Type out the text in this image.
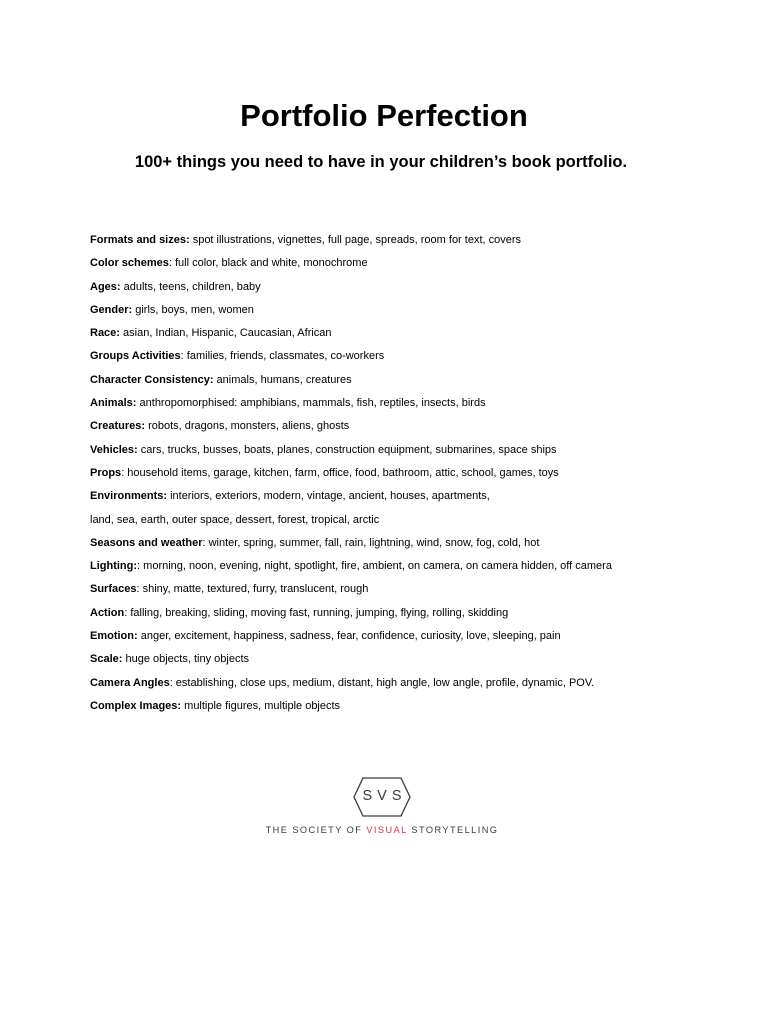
Portfolio Perfection
100+ things you need to have in your children’s book portfolio.
Formats and sizes: spot illustrations, vignettes, full page, spreads, room for text, covers
Color schemes: full color, black and white, monochrome
Ages: adults, teens, children, baby
Gender: girls, boys, men, women
Race: asian, Indian, Hispanic, Caucasian, African
Groups Activities: families, friends, classmates, co-workers
Character Consistency: animals, humans, creatures
Animals: anthropomorphised: amphibians, mammals, fish, reptiles, insects, birds
Creatures: robots, dragons, monsters, aliens, ghosts
Vehicles: cars, trucks, busses, boats, planes, construction equipment, submarines, space ships
Props: household items, garage, kitchen, farm, office, food, bathroom, attic, school, games, toys
Environments: interiors, exteriors, modern, vintage, ancient, houses, apartments,
land, sea, earth, outer space, dessert, forest, tropical, arctic
Seasons and weather: winter, spring, summer, fall, rain, lightning, wind, snow, fog, cold, hot
Lighting:: morning, noon, evening, night, spotlight, fire, ambient, on camera, on camera hidden, off camera
Surfaces: shiny, matte, textured, furry, translucent, rough
Action: falling, breaking, sliding, moving fast, running, jumping, flying, rolling, skidding
Emotion: anger, excitement, happiness, sadness, fear, confidence, curiosity, love, sleeping, pain
Scale: huge objects, tiny objects
Camera Angles: establishing, close ups, medium, distant, high angle, low angle, profile, dynamic, POV.
Complex Images: multiple figures, multiple objects
SVS
THE SOCIETY OF VISUAL STORYTELLING
